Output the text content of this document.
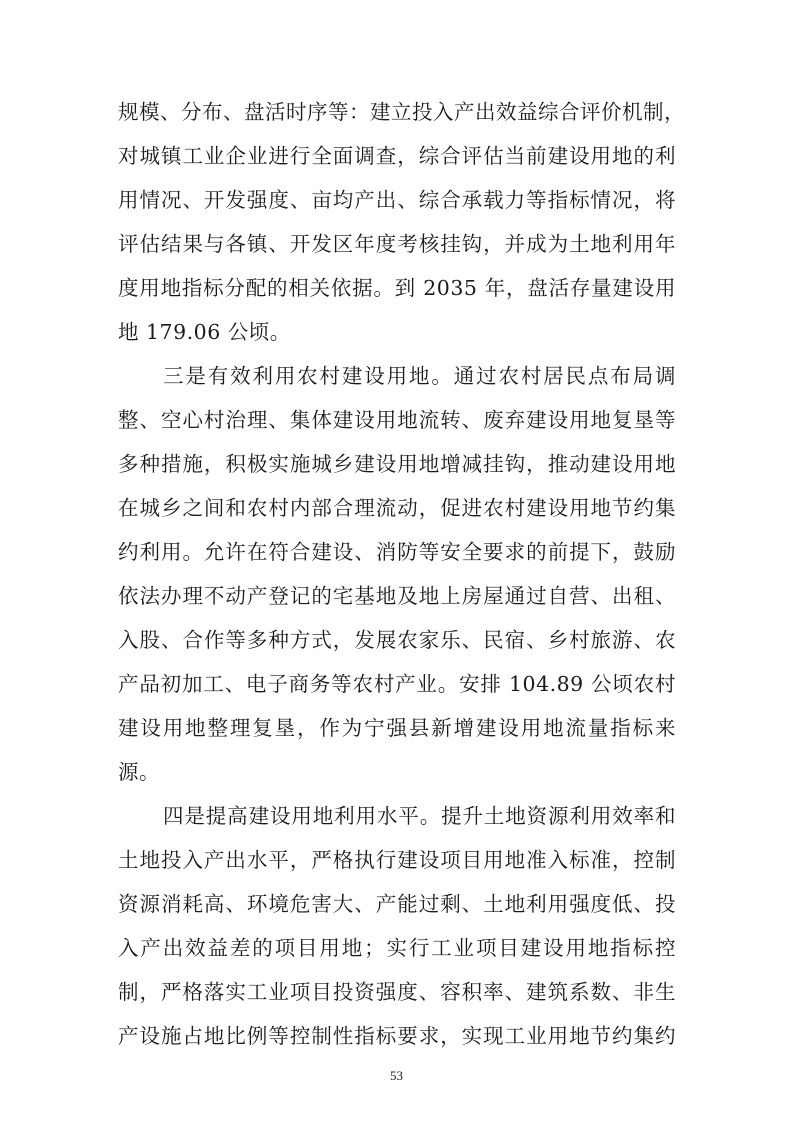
规模、分布、盘活时序等：建立投入产出效益综合评价机制，
对城镇工业企业进行全面调查，综合评估当前建设用地的利
用情况、开发强度、亩均产出、综合承载力等指标情况，将
评估结果与各镇、开发区年度考核挂钩，并成为土地利用年
度用地指标分配的相关依据。到 2035 年，盘活存量建设用
地 179.06 公顷。
三是有效利用农村建设用地。通过农村居民点布局调
整、空心村治理、集体建设用地流转、废弃建设用地复垦等
多种措施，积极实施城乡建设用地增减挂钩，推动建设用地
在城乡之间和农村内部合理流动，促进农村建设用地节约集
约利用。允许在符合建设、消防等安全要求的前提下，鼓励
依法办理不动产登记的宅基地及地上房屋通过自营、出租、
入股、合作等多种方式，发展农家乐、民宿、乡村旅游、农
产品初加工、电子商务等农村产业。安排 104.89 公顷农村
建设用地整理复垦，作为宁强县新增建设用地流量指标来
源。
四是提高建设用地利用水平。提升土地资源利用效率和
土地投入产出水平，严格执行建设项目用地准入标准，控制
资源消耗高、环境危害大、产能过剩、土地利用强度低、投
入产出效益差的项目用地；实行工业项目建设用地指标控
制，严格落实工业项目投资强度、容积率、建筑系数、非生
产设施占地比例等控制性指标要求，实现工业用地节约集约
53
